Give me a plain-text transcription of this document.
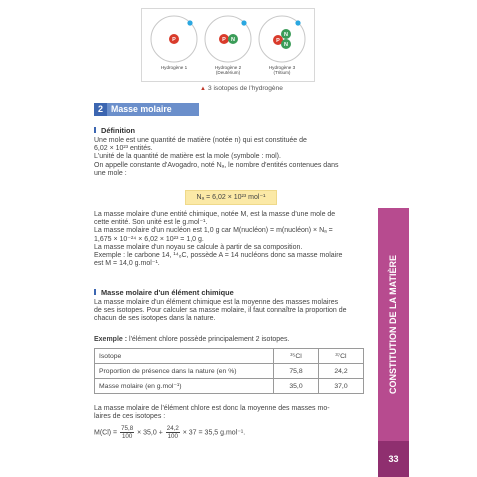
P
Hydrogène 1
P N
Hydrogène 2
(Deutérium)
P
N
N
Hydrogène 3
(Tritium)
▲ 3 isotopes de l'hydrogène
2 Masse molaire
Définition

Une mole est une quantité de matière (notée n) qui est constituée de

6,02 × 10²³ entités.

L'unité de la quantité de matière est la mole (symbole : mol).

On appelle constante d'Avogadro, noté Nₐ, le nombre d'entités contenues dans

une mole :

Nₐ = 6,02 × 10²³ mol⁻¹

La masse molaire d'une entité chimique, notée M, est la masse d'une mole de

cette entité. Son unité est le g.mol⁻¹.

La masse molaire d'un nucléon est 1,0 g car M(nucléon) = m(nucléon) × Nₐ =

1,675 × 10⁻²⁴ × 6,02 × 10²³ = 1,0 g.

La masse molaire d'un noyau se calcule à partir de sa composition.

Exemple : le carbone 14, ¹⁴₆C, possède A = 14 nucléons donc sa masse molaire

est M = 14,0 g.mol⁻¹.

Masse molaire d'un élément chimique

La masse molaire d'un élément chimique est la moyenne des masses molaires

de ses isotopes. Pour calculer sa masse molaire, il faut connaître la proportion de

chacun de ses isotopes dans la nature.

Exemple : l'élément chlore possède principalement 2 isotopes.

Isotope	³⁵Cl	³⁷Cl
Proportion de présence dans la nature (en %)	75,8	24,2
Masse molaire (en g.mol⁻¹)	35,0	37,0

La masse molaire de l'élément chlore est donc la moyenne des masses mo-

laires de ces isotopes :

$M(Cl) = \frac{75,8}{100} \times 35,0 + \frac{24,2}{100} \times 37 = 35,5$ g.mol⁻¹.
CONSTITUTION DE LA MATIÈRE
33
